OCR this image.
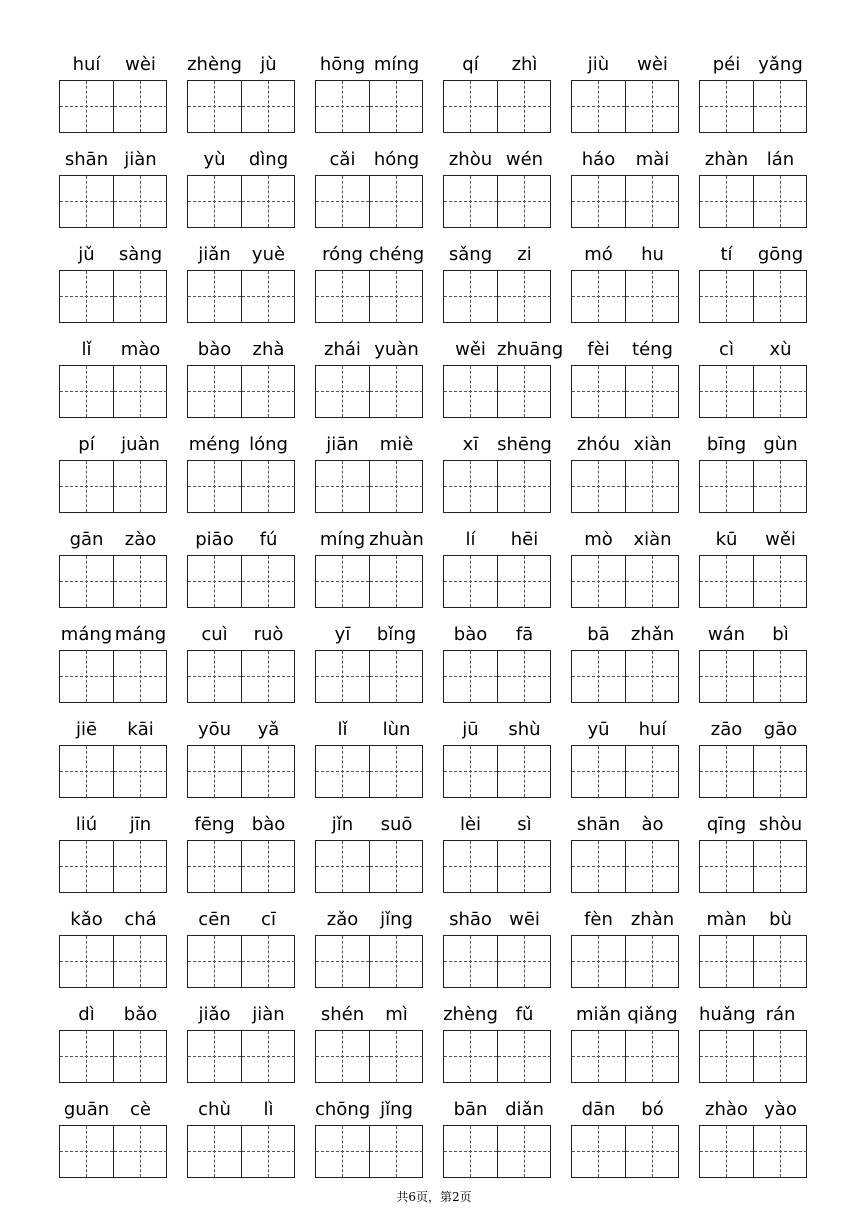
huí	wèi	zhèng	jù	hōng míng	qí	zhì	jiù	wèi	péi yǎng
shān jiàn	yù	dìng	cǎi	hóng	zhòu wén	háo	mài	zhàn	lán
jǔ	sàng	jiǎn	yuè	róng chéng	sǎng	zi	mó	hu	tí	gōng
lǐ	mào	bào	zhà	zhái yuàn	wěi zhuāng	fèi	téng	cì	xù
pí	juàn	méng lóng	jiān	miè	xī	shēng	zhóu xiàn	bīng gùn
gān	zào	piāo	fú	míng zhuàn	lí	hēi	mò	xiàn	kū	wěi
máng máng	cuì	ruò	yī	bǐng	bào	fā	bā	zhǎn	wán	bì
jiē	kāi	yōu	yǎ	lǐ	lùn	jū	shù	yū	huí	zāo	gāo
liú	jīn	fēng bào	jǐn	suō	lèi	sì	shān	ào	qīng shòu
kǎo	chá	cēn	cī	zǎo	jǐng	shāo wēi	fèn zhàn	màn	bù
dì	bǎo	jiǎo	jiàn	shén	mì	zhèng fǔ	miǎn qiǎng huǎng rán
guān	cè	chù	lì	chōng jǐng	bān diǎn	dān	bó	zhào yào
共6页，第2页
